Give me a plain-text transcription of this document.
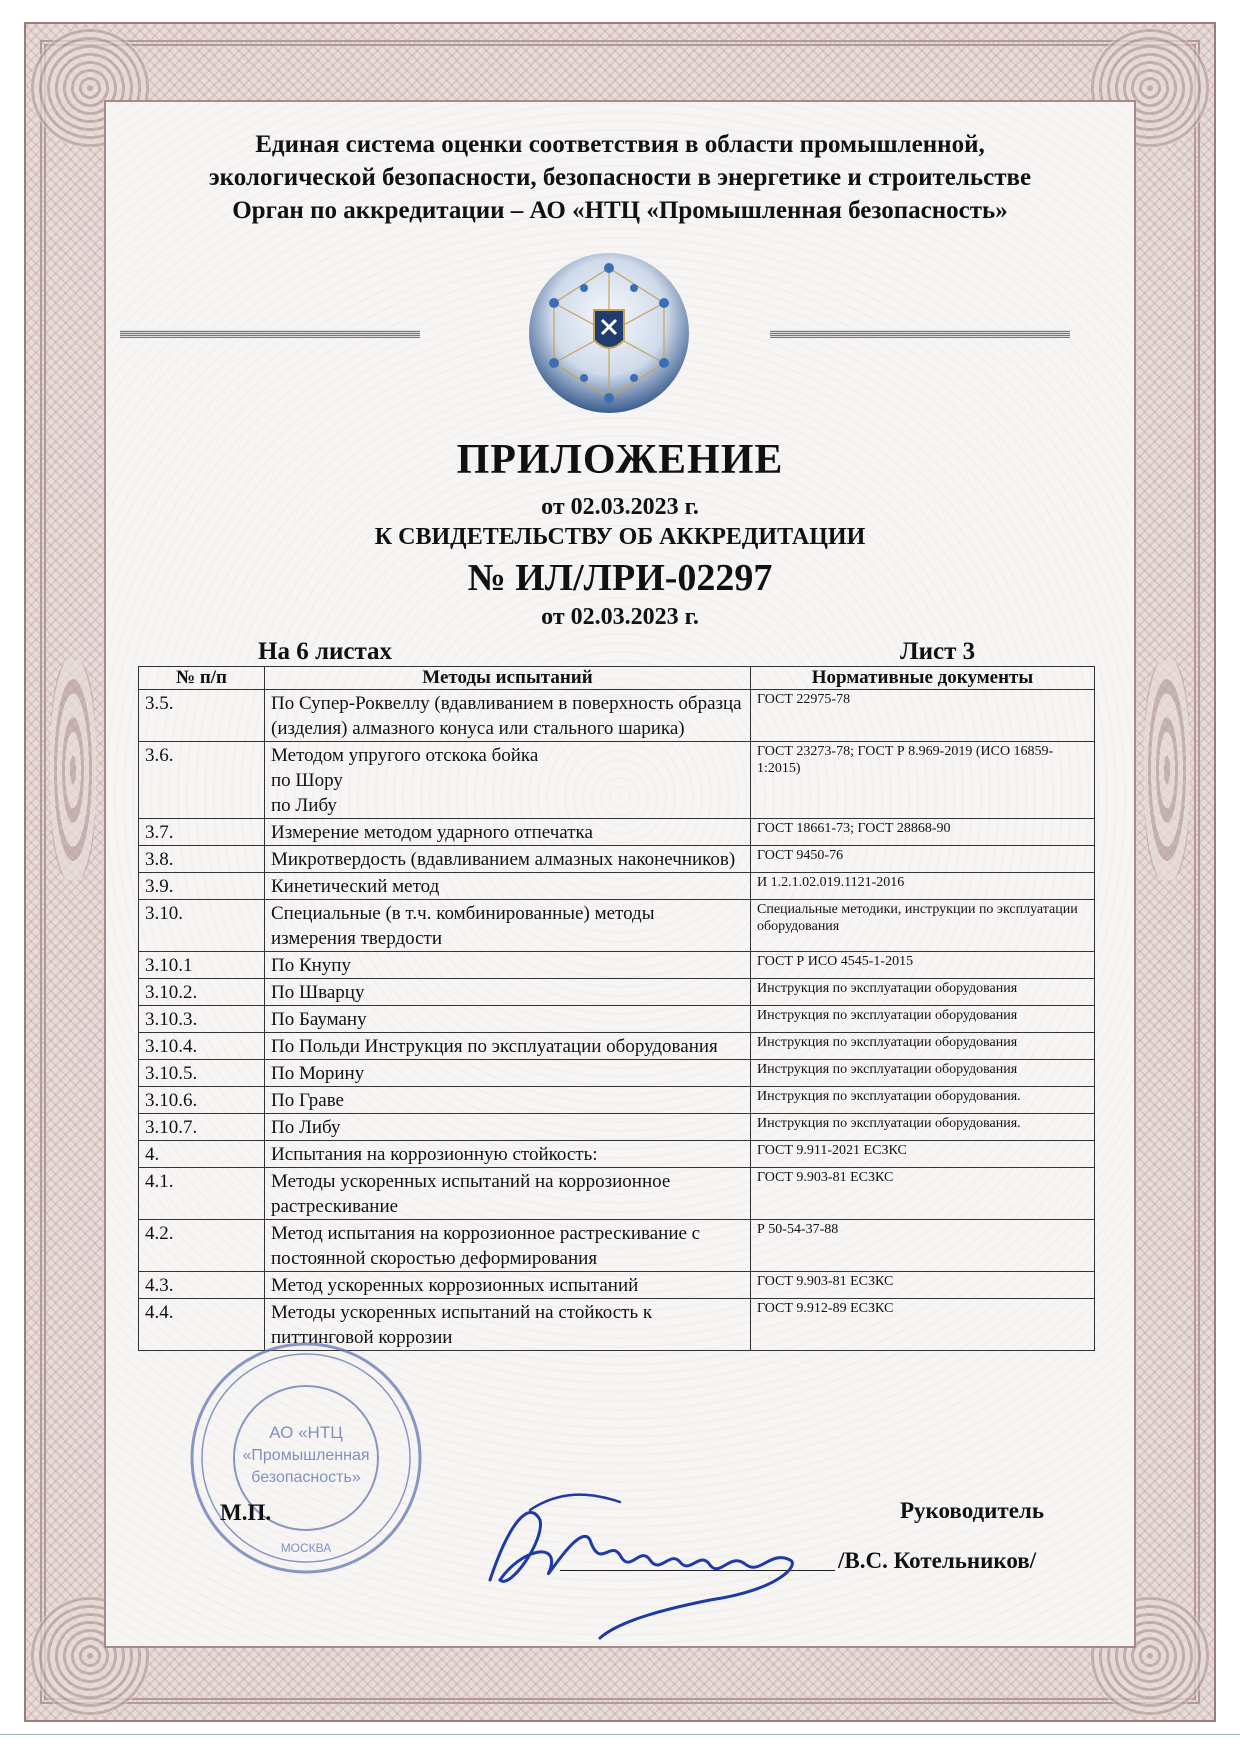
Единая система оценки соответствия в области промышленной,
экологической безопасности, безопасности в энергетике и строительстве
Орган по аккредитации – АО «НТЦ «Промышленная безопасность»
ПРИЛОЖЕНИЕ
от 02.03.2023 г.
К СВИДЕТЕЛЬСТВУ ОБ АККРЕДИТАЦИИ
№ ИЛ/ЛРИ-02297
от 02.03.2023 г.
На 6 листах	Лист 3
№ п/п	Методы испытаний	Нормативные документы
3.5.	По Супер-Роквеллу (вдавливанием в поверхность образца (изделия) алмазного конуса или стального шарика)	ГОСТ 22975-78
3.6.	Методом упругого отскока бойка
по Шору
по Либу	ГОСТ 23273-78; ГОСТ Р 8.969-2019 (ИСО 16859-1:2015)
3.7.	Измерение методом ударного отпечатка	ГОСТ 18661-73; ГОСТ 28868-90
3.8.	Микротвердость (вдавливанием алмазных наконечников)	ГОСТ 9450-76
3.9.	Кинетический метод	И 1.2.1.02.019.1121-2016
3.10.	Специальные (в т.ч. комбинированные) методы измерения твердости	Специальные методики, инструкции по эксплуатации оборудования
3.10.1	По Кнупу	ГОСТ Р ИСО 4545-1-2015
3.10.2.	По Шварцу	Инструкция по эксплуатации оборудования
3.10.3.	По Бауману	Инструкция по эксплуатации оборудования
3.10.4.	По Польди Инструкция по эксплуатации оборудования	Инструкция по эксплуатации оборудования
3.10.5.	По Морину	Инструкция по эксплуатации оборудования
3.10.6.	По Граве	Инструкция по эксплуатации оборудования.
3.10.7.	По Либу	Инструкция по эксплуатации оборудования.
4.	Испытания на коррозионную стойкость:	ГОСТ 9.911-2021 ЕСЗКС
4.1.	Методы ускоренных испытаний на коррозионное растрескивание	ГОСТ 9.903-81 ЕСЗКС
4.2.	Метод испытания на коррозионное растрескивание с постоянной скоростью деформирования	Р 50-54-37-88
4.3.	Метод ускоренных коррозионных испытаний	ГОСТ 9.903-81 ЕСЗКС
4.4.	Методы ускоренных испытаний на стойкость к питтинговой коррозии	ГОСТ 9.912-89 ЕСЗКС
АО «НТЦ
«Промышленная
безопасность»
МОСКВА
М.П.	Руководитель
/В.С. Котельников/
